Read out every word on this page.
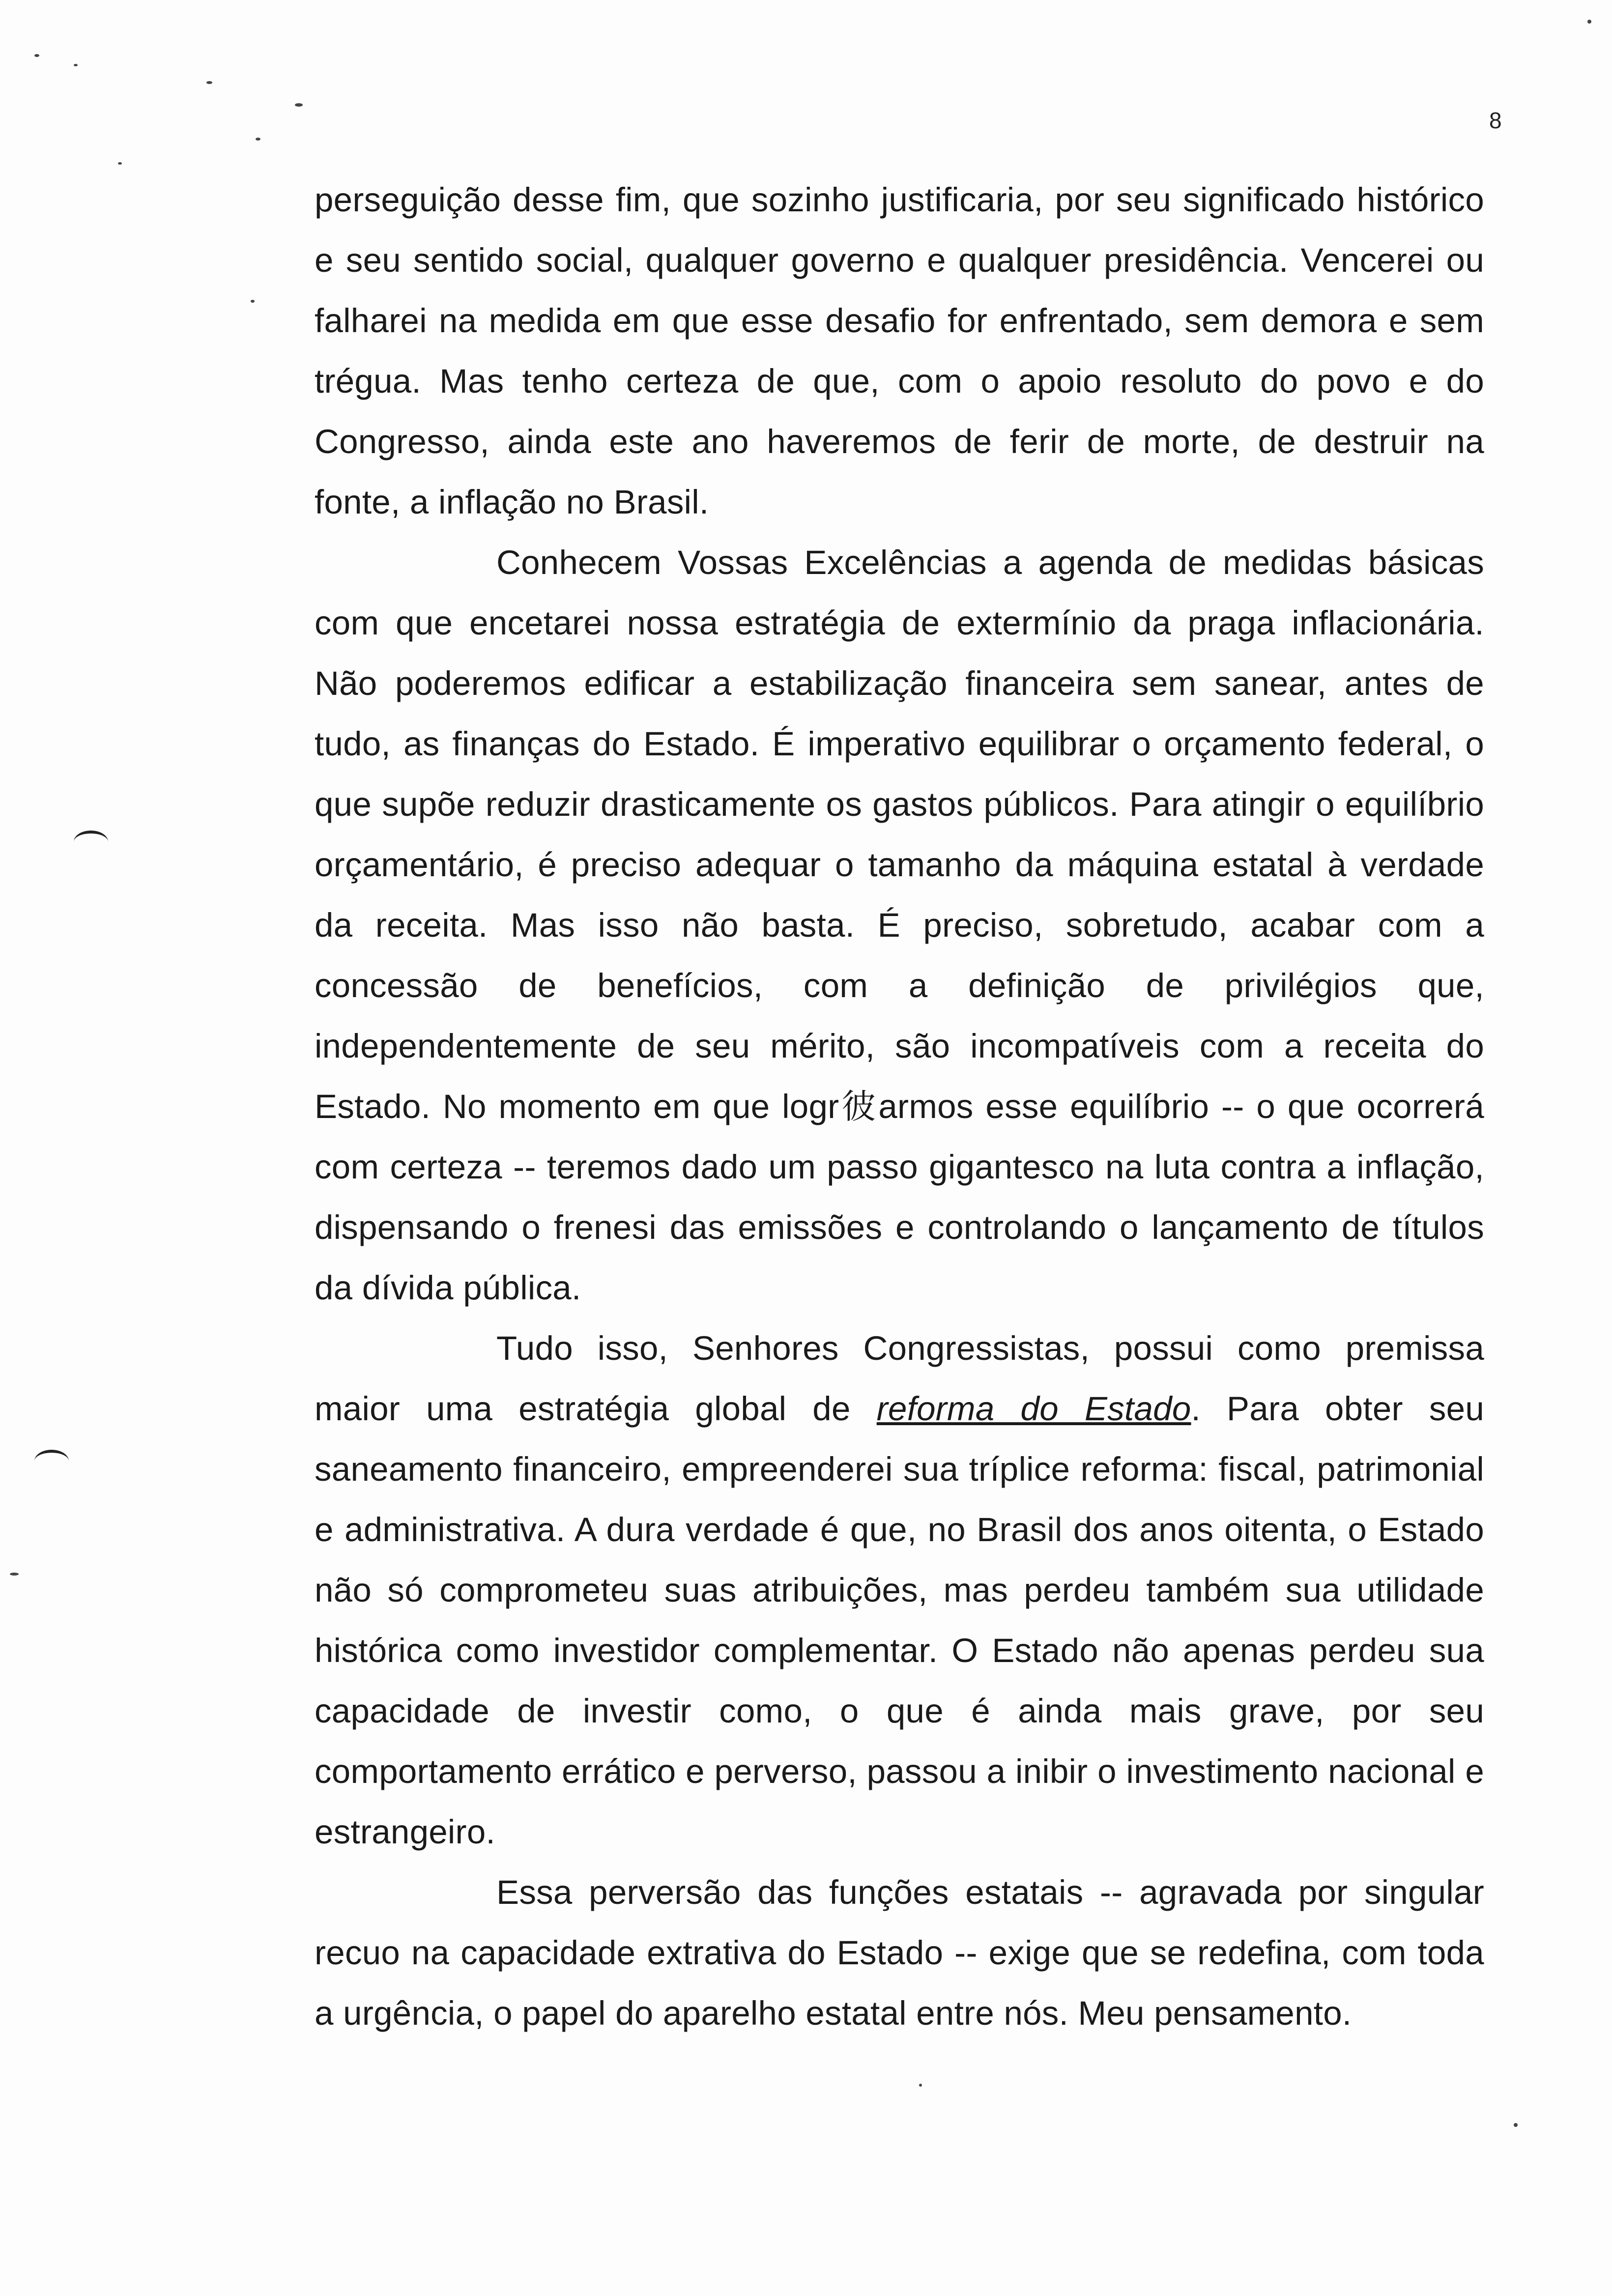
8

perseguição desse fim, que sozinho justificaria, por seu significado histórico e seu sentido social, qualquer governo e qualquer presidência. Vencerei ou falharei na medida em que esse desafio for enfrentado, sem demora e sem trégua. Mas tenho certeza de que, com o apoio resoluto do povo e do Congresso, ainda este ano haveremos de ferir de morte, de destruir na fonte, a inflação no Brasil.

Conhecem Vossas Excelências a agenda de medidas básicas com que encetarei nossa estratégia de extermínio da praga inflacionária. Não poderemos edificar a estabilização financeira sem sanear, antes de tudo, as finanças do Estado. É imperativo equilibrar o orçamento federal, o que supõe reduzir drasticamente os gastos públicos. Para atingir o equilíbrio orçamentário, é preciso adequar o tamanho da máquina estatal à verdade da receita. Mas isso não basta. É preciso, sobretudo, acabar com a concessão de benefícios, com a definição de privilégios que, independentemente de seu mérito, são incompatíveis com a receita do Estado. No momento em que logr彼armos esse equilíbrio -- o que ocorrerá com certeza -- teremos dado um passo gigantesco na luta contra a inflação, dispensando o frenesi das emissões e controlando o lançamento de títulos da dívida pública.

Tudo isso, Senhores Congressistas, possui como premissa maior uma estratégia global de reforma do Estado. Para obter seu saneamento financeiro, empreenderei sua tríplice reforma: fiscal, patrimonial e administrativa. A dura verdade é que, no Brasil dos anos oitenta, o Estado não só comprometeu suas atribuições, mas perdeu também sua utilidade histórica como investidor complementar. O Estado não apenas perdeu sua capacidade de investir como, o que é ainda mais grave, por seu comportamento errático e perverso, passou a inibir o investimento nacional e estrangeiro.

Essa perversão das funções estatais -- agravada por singular recuo na capacidade extrativa do Estado -- exige que se redefina, com toda a urgência, o papel do aparelho estatal entre nós. Meu pensamento.
